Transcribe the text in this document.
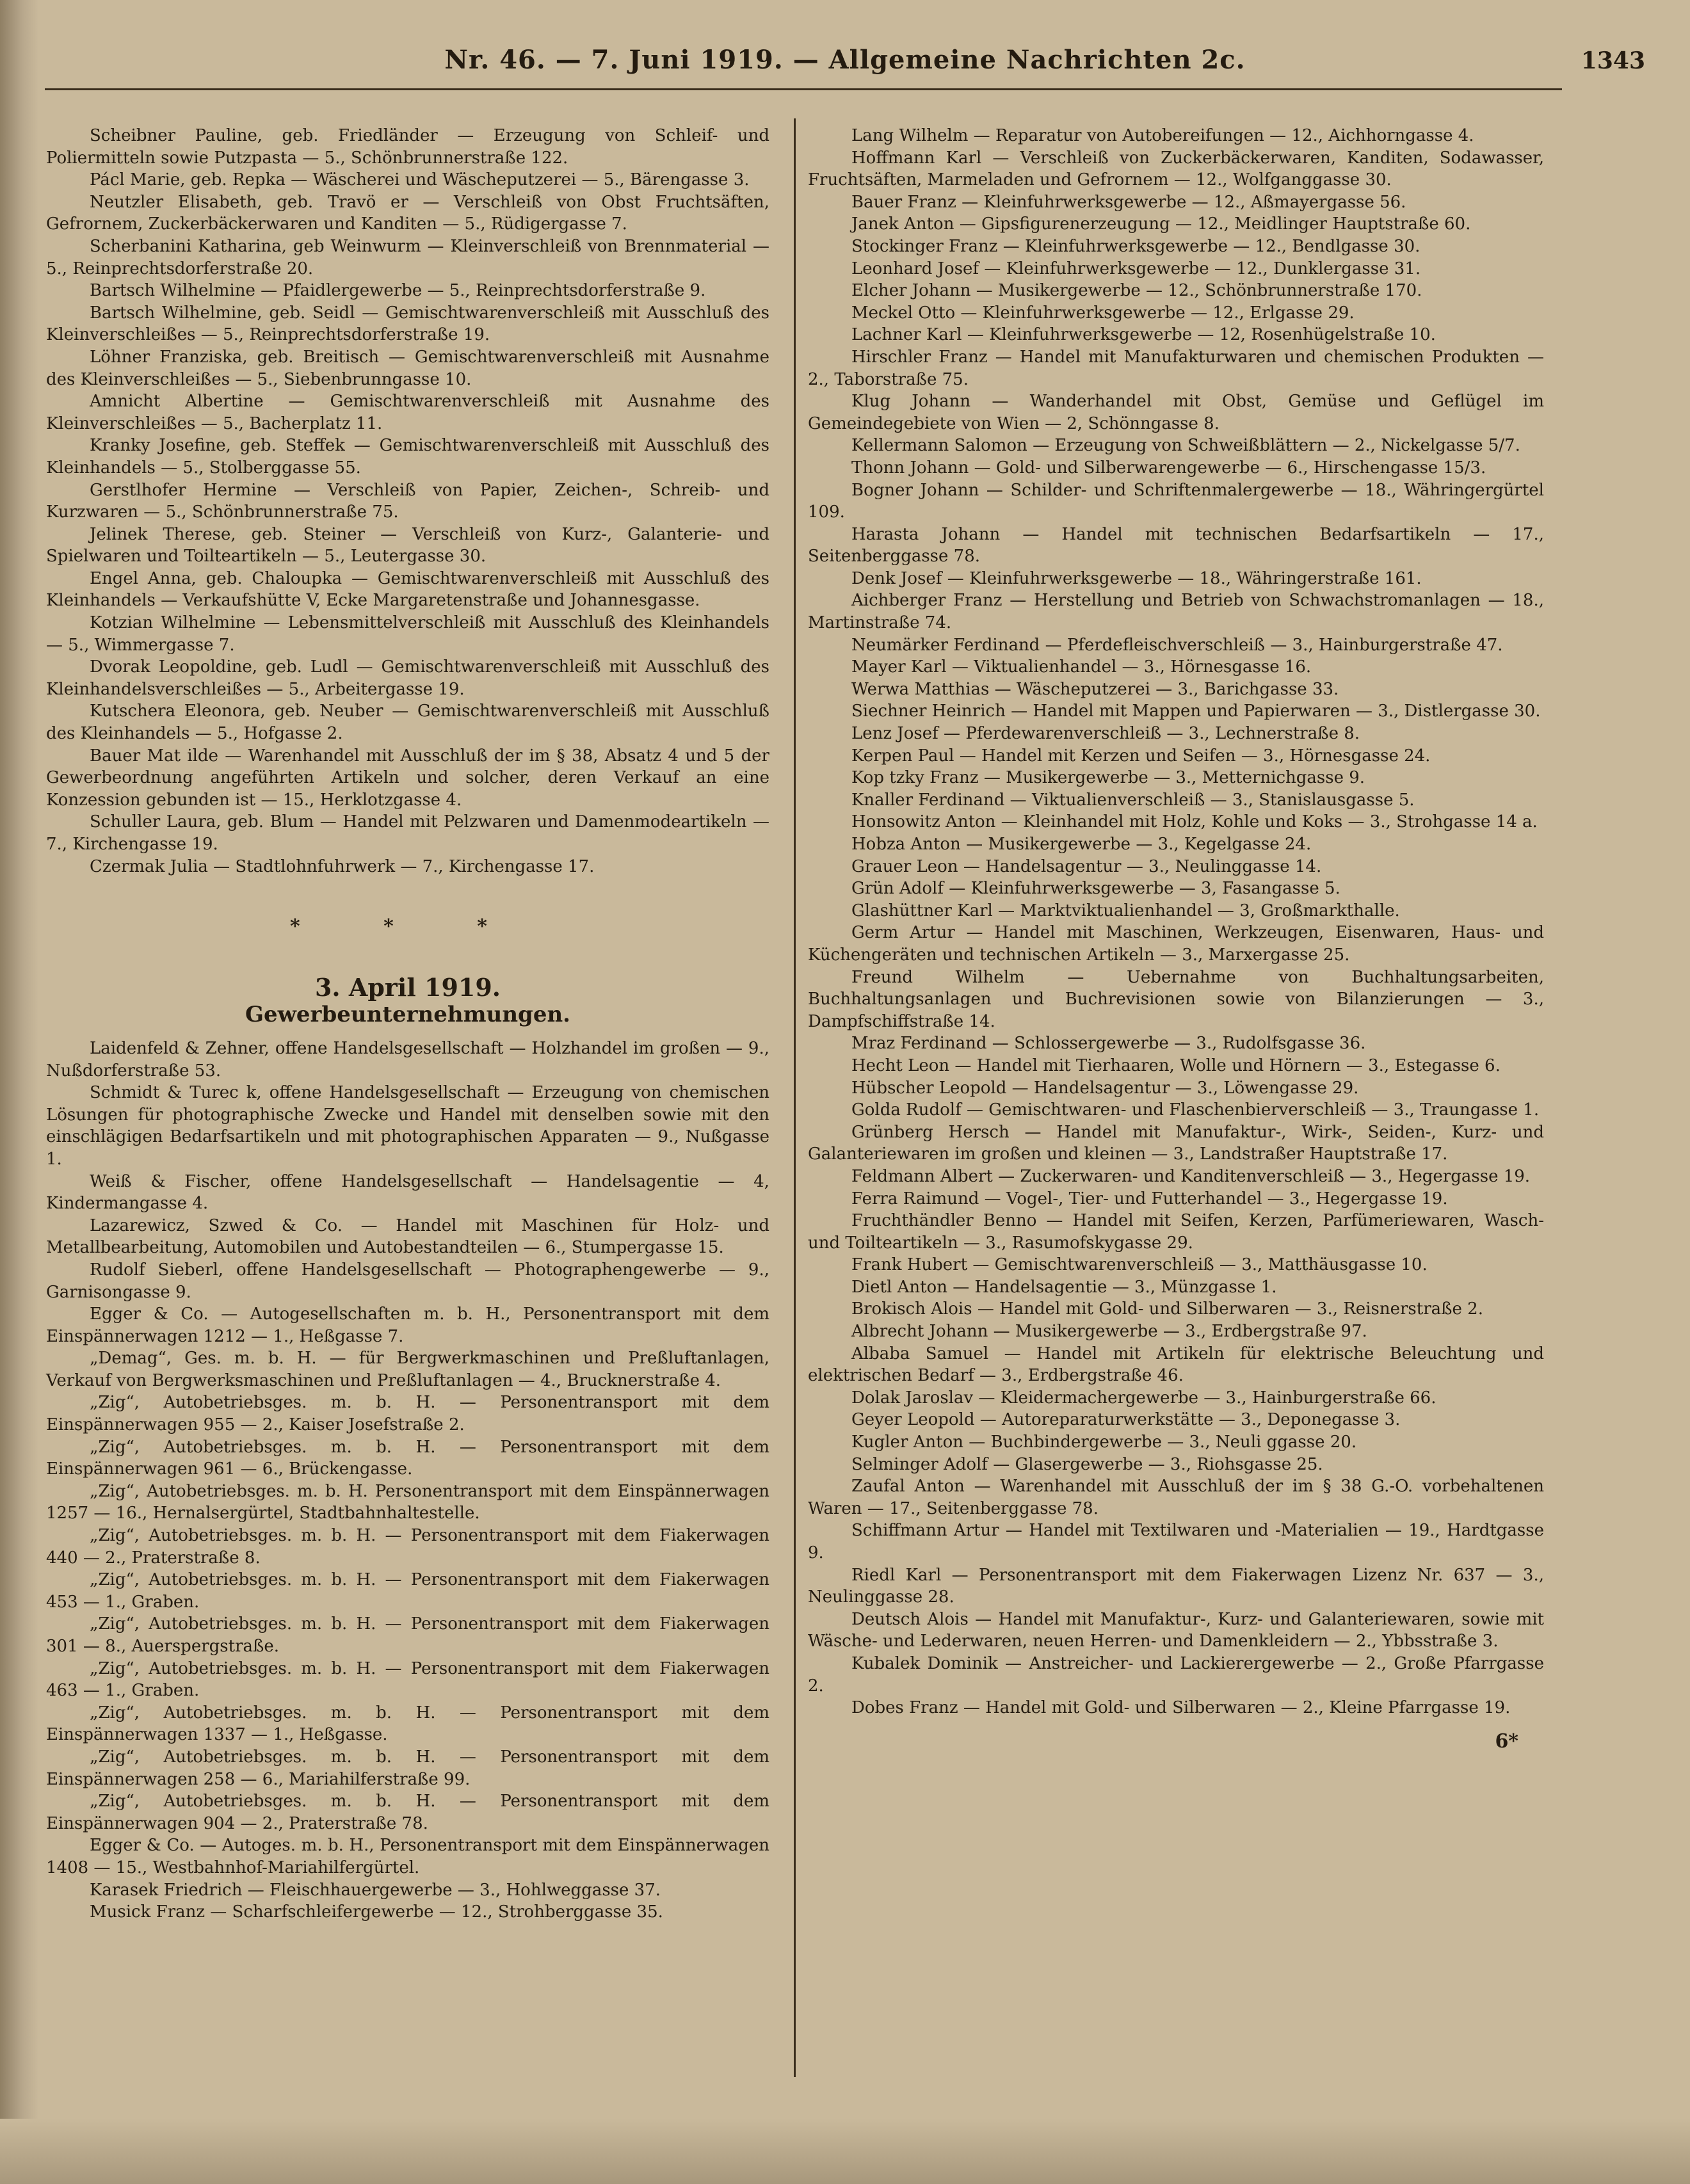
Nr. 46. — 7. Juni 1919. — Allgemeine Nachrichten 2c.	1343

Scheibner Pauline, geb. Friedländer — Erzeugung von Schleif- und Poliermitteln sowie Putzpasta — 5., Schönbrunnerstraße 122.

Pácl Marie, geb. Repka — Wäscherei und Wäscheputzerei — 5., Bärengasse 3.

Neutzler Elisabeth, geb. Travö er — Verschleiß von Obst Fruchtsäften, Gefrornem, Zuckerbäckerwaren und Kanditen — 5., Rüdigergasse 7.

Scherbanini Katharina, geb Weinwurm — Kleinverschleiß von Brennmaterial — 5., Reinprechtsdorferstraße 20.

Bartsch Wilhelmine — Pfaidlergewerbe — 5., Reinprechtsdorferstraße 9.

Bartsch Wilhelmine, geb. Seidl — Gemischtwarenverschleiß mit Ausschluß des Kleinverschleißes — 5., Reinprechtsdorferstraße 19.

Löhner Franziska, geb. Breitisch — Gemischtwarenverschleiß mit Ausnahme des Kleinverschleißes — 5., Siebenbrunngasse 10.

Amnicht Albertine — Gemischtwarenverschleiß mit Ausnahme des Kleinverschleißes — 5., Bacherplatz 11.

Kranky Josefine, geb. Steffek — Gemischtwarenverschleiß mit Ausschluß des Kleinhandels — 5., Stolberggasse 55.

Gerstlhofer Hermine — Verschleiß von Papier, Zeichen-, Schreib- und Kurzwaren — 5., Schönbrunnerstraße 75.

Jelinek Therese, geb. Steiner — Verschleiß von Kurz-, Galanterie- und Spielwaren und Toilteartikeln — 5., Leutergasse 30.

Engel Anna, geb. Chaloupka — Gemischtwarenverschleiß mit Ausschluß des Kleinhandels — Verkaufshütte V, Ecke Margaretenstraße und Johannesgasse.

Kotzian Wilhelmine — Lebensmittelverschleiß mit Ausschluß des Kleinhandels — 5., Wimmergasse 7.

Dvorak Leopoldine, geb. Ludl — Gemischtwarenverschleiß mit Ausschluß des Kleinhandelsverschleißes — 5., Arbeitergasse 19.

Kutschera Eleonora, geb. Neuber — Gemischtwarenverschleiß mit Ausschluß des Kleinhandels — 5., Hofgasse 2.

Bauer Mat ilde — Warenhandel mit Ausschluß der im § 38, Absatz 4 und 5 der Gewerbeordnung angeführten Artikeln und solcher, deren Verkauf an eine Konzession gebunden ist — 15., Herklotzgasse 4.

Schuller Laura, geb. Blum — Handel mit Pelzwaren und Damenmodeartikeln — 7., Kirchengasse 19.

Czermak Julia — Stadtlohnfuhrwerk — 7., Kirchengasse 17.

* * *
3. April 1919.
Gewerbeunternehmungen.

Laidenfeld & Zehner, offene Handelsgesellschaft — Holzhandel im großen — 9., Nußdorferstraße 53.

Schmidt & Turec k, offene Handelsgesellschaft — Erzeugung von chemischen Lösungen für photographische Zwecke und Handel mit denselben sowie mit den einschlägigen Bedarfsartikeln und mit photographischen Apparaten — 9., Nußgasse 1.

Weiß & Fischer, offene Handelsgesellschaft — Handelsagentie — 4, Kindermangasse 4.

Lazarewicz, Szwed & Co. — Handel mit Maschinen für Holz- und Metallbearbeitung, Automobilen und Autobestandteilen — 6., Stumpergasse 15.

Rudolf Sieberl, offene Handelsgesellschaft — Photographengewerbe — 9., Garnisongasse 9.

Egger & Co. — Autogesellschaften m. b. H., Personentransport mit dem Einspännerwagen 1212 — 1., Heßgasse 7.

„Demag“, Ges. m. b. H. — für Bergwerkmaschinen und Preßluftanlagen, Verkauf von Bergwerksmaschinen und Preßluftanlagen — 4., Brucknerstraße 4.

„Zig“, Autobetriebsges. m. b. H. — Personentransport mit dem Einspännerwagen 955 — 2., Kaiser Josefstraße 2.

„Zig“, Autobetriebsges. m. b. H. — Personentransport mit dem Einspännerwagen 961 — 6., Brückengasse.

„Zig“, Autobetriebsges. m. b. H. Personentransport mit dem Einspännerwagen 1257 — 16., Hernalsergürtel, Stadtbahnhaltestelle.

„Zig“, Autobetriebsges. m. b. H. — Personentransport mit dem Fiakerwagen 440 — 2., Praterstraße 8.

„Zig“, Autobetriebsges. m. b. H. — Personentransport mit dem Fiakerwagen 453 — 1., Graben.

„Zig“, Autobetriebsges. m. b. H. — Personentransport mit dem Fiakerwagen 301 — 8., Auerspergstraße.

„Zig“, Autobetriebsges. m. b. H. — Personentransport mit dem Fiakerwagen 463 — 1., Graben.

„Zig“, Autobetriebsges. m. b. H. — Personentransport mit dem Einspännerwagen 1337 — 1., Heßgasse.

„Zig“, Autobetriebsges. m. b. H. — Personentransport mit dem Einspännerwagen 258 — 6., Mariahilferstraße 99.

„Zig“, Autobetriebsges. m. b. H. — Personentransport mit dem Einspännerwagen 904 — 2., Praterstraße 78.

Egger & Co. — Autoges. m. b. H., Personentransport mit dem Einspännerwagen 1408 — 15., Westbahnhof-Mariahilfergürtel.

Karasek Friedrich — Fleischhauergewerbe — 3., Hohlweggasse 37.

Musick Franz — Scharfschleifergewerbe — 12., Strohberggasse 35.

Lang Wilhelm — Reparatur von Autobereifungen — 12., Aichhorngasse 4.

Hoffmann Karl — Verschleiß von Zuckerbäckerwaren, Kanditen, Sodawasser, Fruchtsäften, Marmeladen und Gefrornem — 12., Wolfganggasse 30.

Bauer Franz — Kleinfuhrwerksgewerbe — 12., Aßmayergasse 56.

Janek Anton — Gipsfigurenerzeugung — 12., Meidlinger Hauptstraße 60.

Stockinger Franz — Kleinfuhrwerksgewerbe — 12., Bendlgasse 30.

Leonhard Josef — Kleinfuhrwerksgewerbe — 12., Dunklergasse 31.

Elcher Johann — Musikergewerbe — 12., Schönbrunnerstraße 170.

Meckel Otto — Kleinfuhrwerksgewerbe — 12., Erlgasse 29.

Lachner Karl — Kleinfuhrwerksgewerbe — 12, Rosenhügelstraße 10.

Hirschler Franz — Handel mit Manufakturwaren und chemischen Produkten — 2., Taborstraße 75.

Klug Johann — Wanderhandel mit Obst, Gemüse und Geflügel im Gemeindegebiete von Wien — 2, Schönngasse 8.

Kellermann Salomon — Erzeugung von Schweißblättern — 2., Nickelgasse 5/7.

Thonn Johann — Gold- und Silberwarengewerbe — 6., Hirschengasse 15/3.

Bogner Johann — Schilder- und Schriftenmalergewerbe — 18., Währingergürtel 109.

Harasta Johann — Handel mit technischen Bedarfsartikeln — 17., Seitenberggasse 78.

Denk Josef — Kleinfuhrwerksgewerbe — 18., Währingerstraße 161.

Aichberger Franz — Herstellung und Betrieb von Schwachstromanlagen — 18., Martinstraße 74.

Neumärker Ferdinand — Pferdefleischverschleiß — 3., Hainburgerstraße 47.

Mayer Karl — Viktualienhandel — 3., Hörnesgasse 16.

Werwa Matthias — Wäscheputzerei — 3., Barichgasse 33.

Siechner Heinrich — Handel mit Mappen und Papierwaren — 3., Distlergasse 30.

Lenz Josef — Pferdewarenverschleiß — 3., Lechnerstraße 8.

Kerpen Paul — Handel mit Kerzen und Seifen — 3., Hörnesgasse 24.

Kop tzky Franz — Musikergewerbe — 3., Metternichgasse 9.

Knaller Ferdinand — Viktualienverschleiß — 3., Stanislausgasse 5.

Honsowitz Anton — Kleinhandel mit Holz, Kohle und Koks — 3., Strohgasse 14 a.

Hobza Anton — Musikergewerbe — 3., Kegelgasse 24.

Grauer Leon — Handelsagentur — 3., Neulinggasse 14.

Grün Adolf — Kleinfuhrwerksgewerbe — 3, Fasangasse 5.

Glashüttner Karl — Marktviktualienhandel — 3, Großmarkthalle.

Germ Artur — Handel mit Maschinen, Werkzeugen, Eisenwaren, Haus- und Küchengeräten und technischen Artikeln — 3., Marxergasse 25.

Freund Wilhelm — Uebernahme von Buchhaltungsarbeiten, Buchhaltungsanlagen und Buchrevisionen sowie von Bilanzierungen — 3., Dampfschiffstraße 14.

Mraz Ferdinand — Schlossergewerbe — 3., Rudolfsgasse 36.

Hecht Leon — Handel mit Tierhaaren, Wolle und Hörnern — 3., Estegasse 6.

Hübscher Leopold — Handelsagentur — 3., Löwengasse 29.

Golda Rudolf — Gemischtwaren- und Flaschenbierverschleiß — 3., Traungasse 1.

Grünberg Hersch — Handel mit Manufaktur-, Wirk-, Seiden-, Kurz- und Galanteriewaren im großen und kleinen — 3., Landstraßer Hauptstraße 17.

Feldmann Albert — Zuckerwaren- und Kanditenverschleiß — 3., Hegergasse 19.

Ferra Raimund — Vogel-, Tier- und Futterhandel — 3., Hegergasse 19.

Fruchthändler Benno — Handel mit Seifen, Kerzen, Parfümeriewaren, Wasch- und Toilteartikeln — 3., Rasumofskygasse 29.

Frank Hubert — Gemischtwarenverschleiß — 3., Matthäusgasse 10.

Dietl Anton — Handelsagentie — 3., Münzgasse 1.

Brokisch Alois — Handel mit Gold- und Silberwaren — 3., Reisnerstraße 2.

Albrecht Johann — Musikergewerbe — 3., Erdbergstraße 97.

Albaba Samuel — Handel mit Artikeln für elektrische Beleuchtung und elektrischen Bedarf — 3., Erdbergstraße 46.

Dolak Jaroslav — Kleidermachergewerbe — 3., Hainburgerstraße 66.

Geyer Leopold — Autoreparaturwerkstätte — 3., Deponegasse 3.

Kugler Anton — Buchbindergewerbe — 3., Neuli ggasse 20.

Selminger Adolf — Glasergewerbe — 3., Riohsgasse 25.

Zaufal Anton — Warenhandel mit Ausschluß der im § 38 G.-O. vorbehaltenen Waren — 17., Seitenberggasse 78.

Schiffmann Artur — Handel mit Textilwaren und -Materialien — 19., Hardtgasse 9.

Riedl Karl — Personentransport mit dem Fiakerwagen Lizenz Nr. 637 — 3., Neulinggasse 28.

Deutsch Alois — Handel mit Manufaktur-, Kurz- und Galanteriewaren, sowie mit Wäsche- und Lederwaren, neuen Herren- und Damenkleidern — 2., Ybbsstraße 3.

Kubalek Dominik — Anstreicher- und Lackierergewerbe — 2., Große Pfarrgasse 2.

Dobes Franz — Handel mit Gold- und Silberwaren — 2., Kleine Pfarrgasse 19.

6*
